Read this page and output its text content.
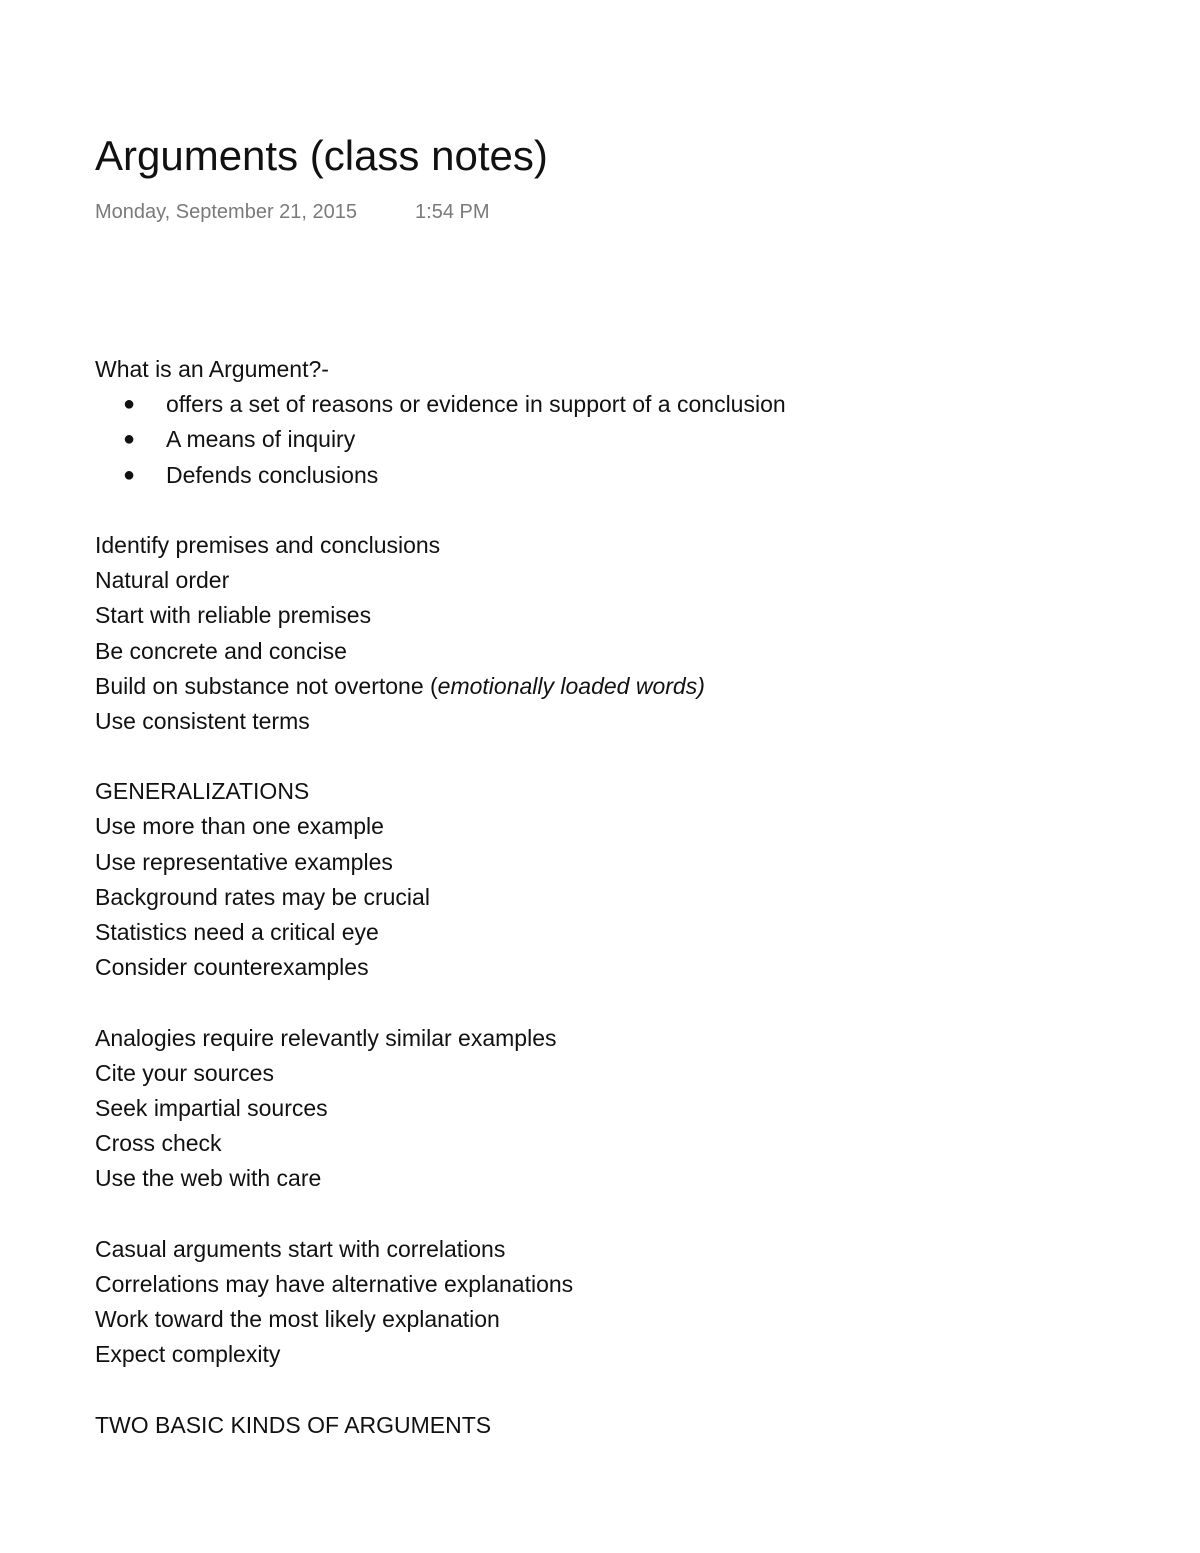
Arguments (class notes)
Monday, September 21, 2015	1:54 PM
What is an Argument?-
● offers a set of reasons or evidence in support of a conclusion
● A means of inquiry
● Defends conclusions
Identify premises and conclusions
Natural order
Start with reliable premises
Be concrete and concise
Build on substance not overtone (emotionally loaded words)
Use consistent terms
GENERALIZATIONS
Use more than one example
Use representative examples
Background rates may be crucial
Statistics need a critical eye
Consider counterexamples
Analogies require relevantly similar examples
Cite your sources
Seek impartial sources
Cross check
Use the web with care
Casual arguments start with correlations
Correlations may have alternative explanations
Work toward the most likely explanation
Expect complexity
TWO BASIC KINDS OF ARGUMENTS
